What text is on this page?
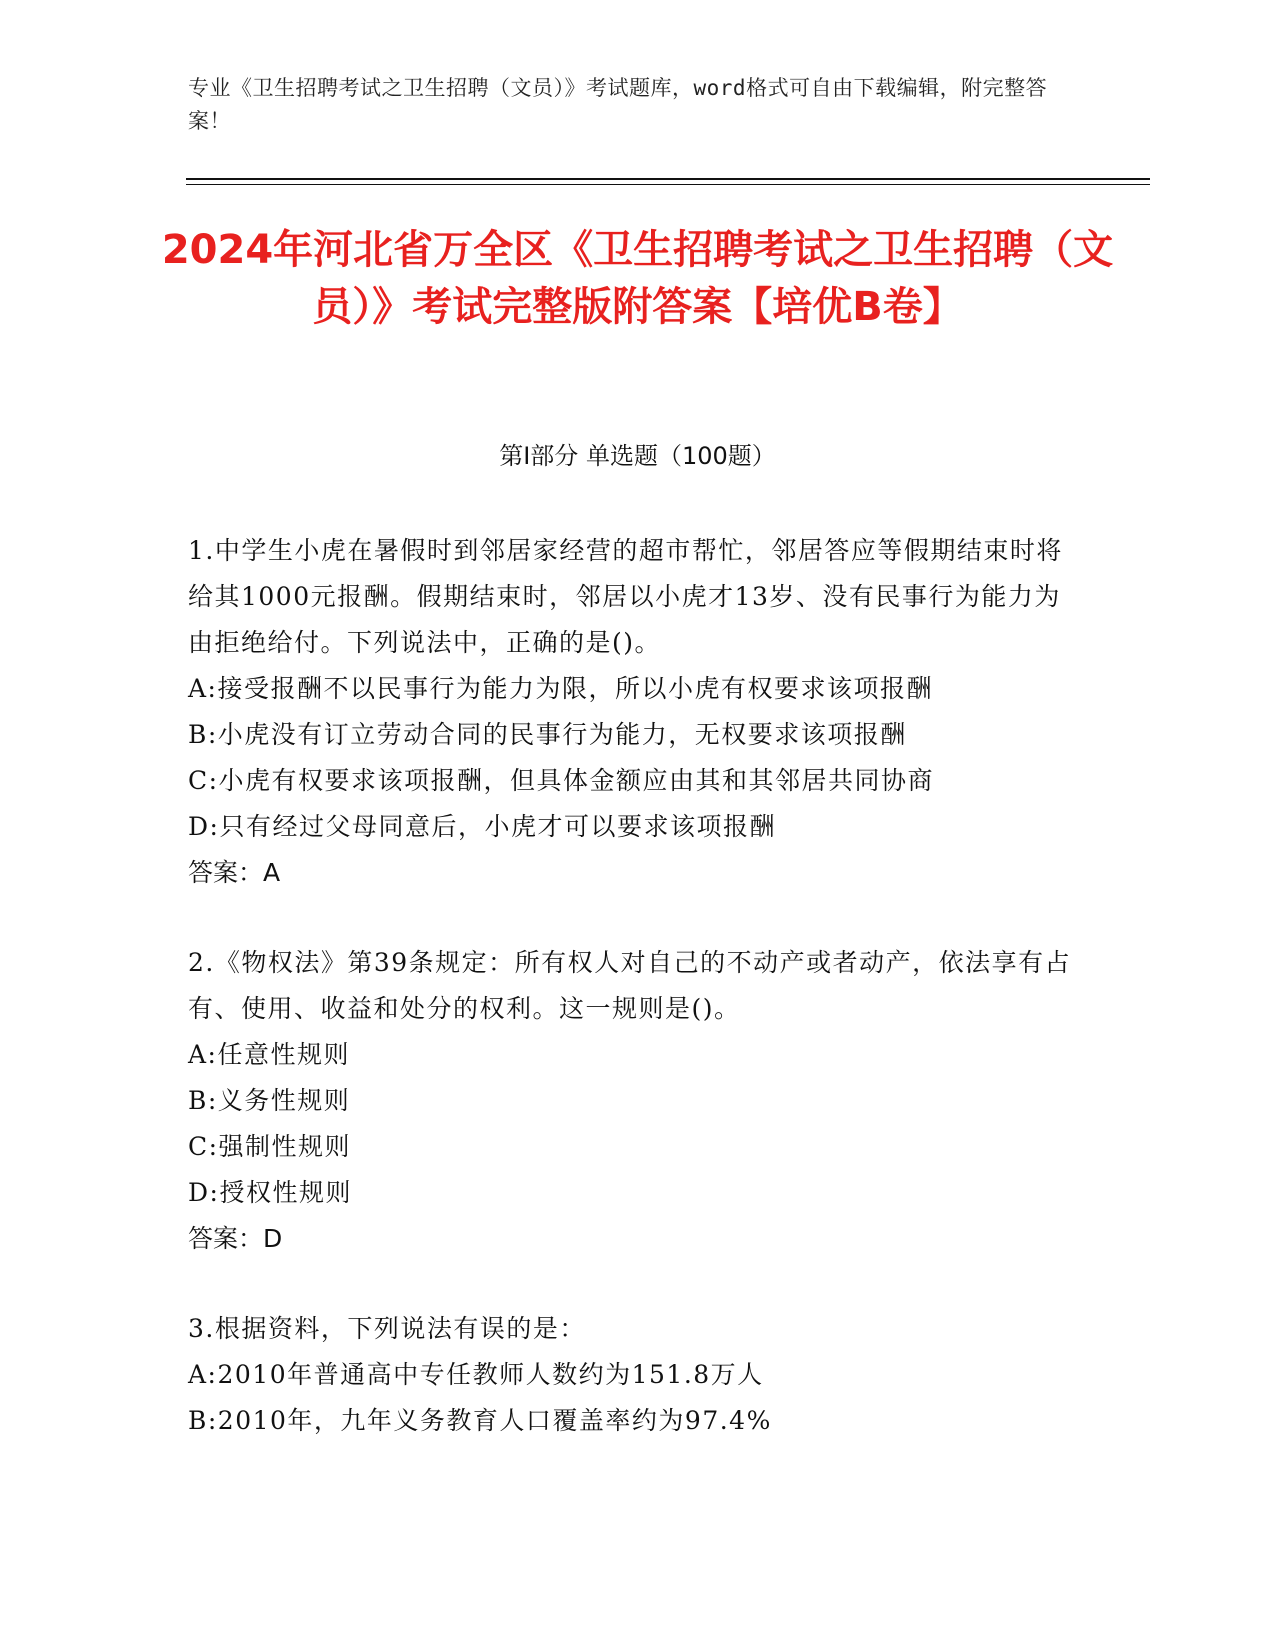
专业《卫生招聘考试之卫生招聘（文员）》考试题库，word格式可自由下载编辑，附完整答案！
2024年河北省万全区《卫生招聘考试之卫生招聘（文员）》考试完整版附答案【培优B卷】
第I部分 单选题（100题）

1.中学生小虎在暑假时到邻居家经营的超市帮忙，邻居答应等假期结束时将给其1000元报酬。假期结束时，邻居以小虎才13岁、没有民事行为能力为由拒绝给付。下列说法中，正确的是()。

A:接受报酬不以民事行为能力为限，所以小虎有权要求该项报酬

B:小虎没有订立劳动合同的民事行为能力，无权要求该项报酬

C:小虎有权要求该项报酬，但具体金额应由其和其邻居共同协商

D:只有经过父母同意后，小虎才可以要求该项报酬

答案：A

2.《物权法》第39条规定：所有权人对自己的不动产或者动产，依法享有占有、使用、收益和处分的权利。这一规则是()。

A:任意性规则

B:义务性规则

C:强制性规则

D:授权性规则

答案：D

3.根据资料，下列说法有误的是：

A:2010年普通高中专任教师人数约为151.8万人

B:2010年，九年义务教育人口覆盖率约为97.4%
